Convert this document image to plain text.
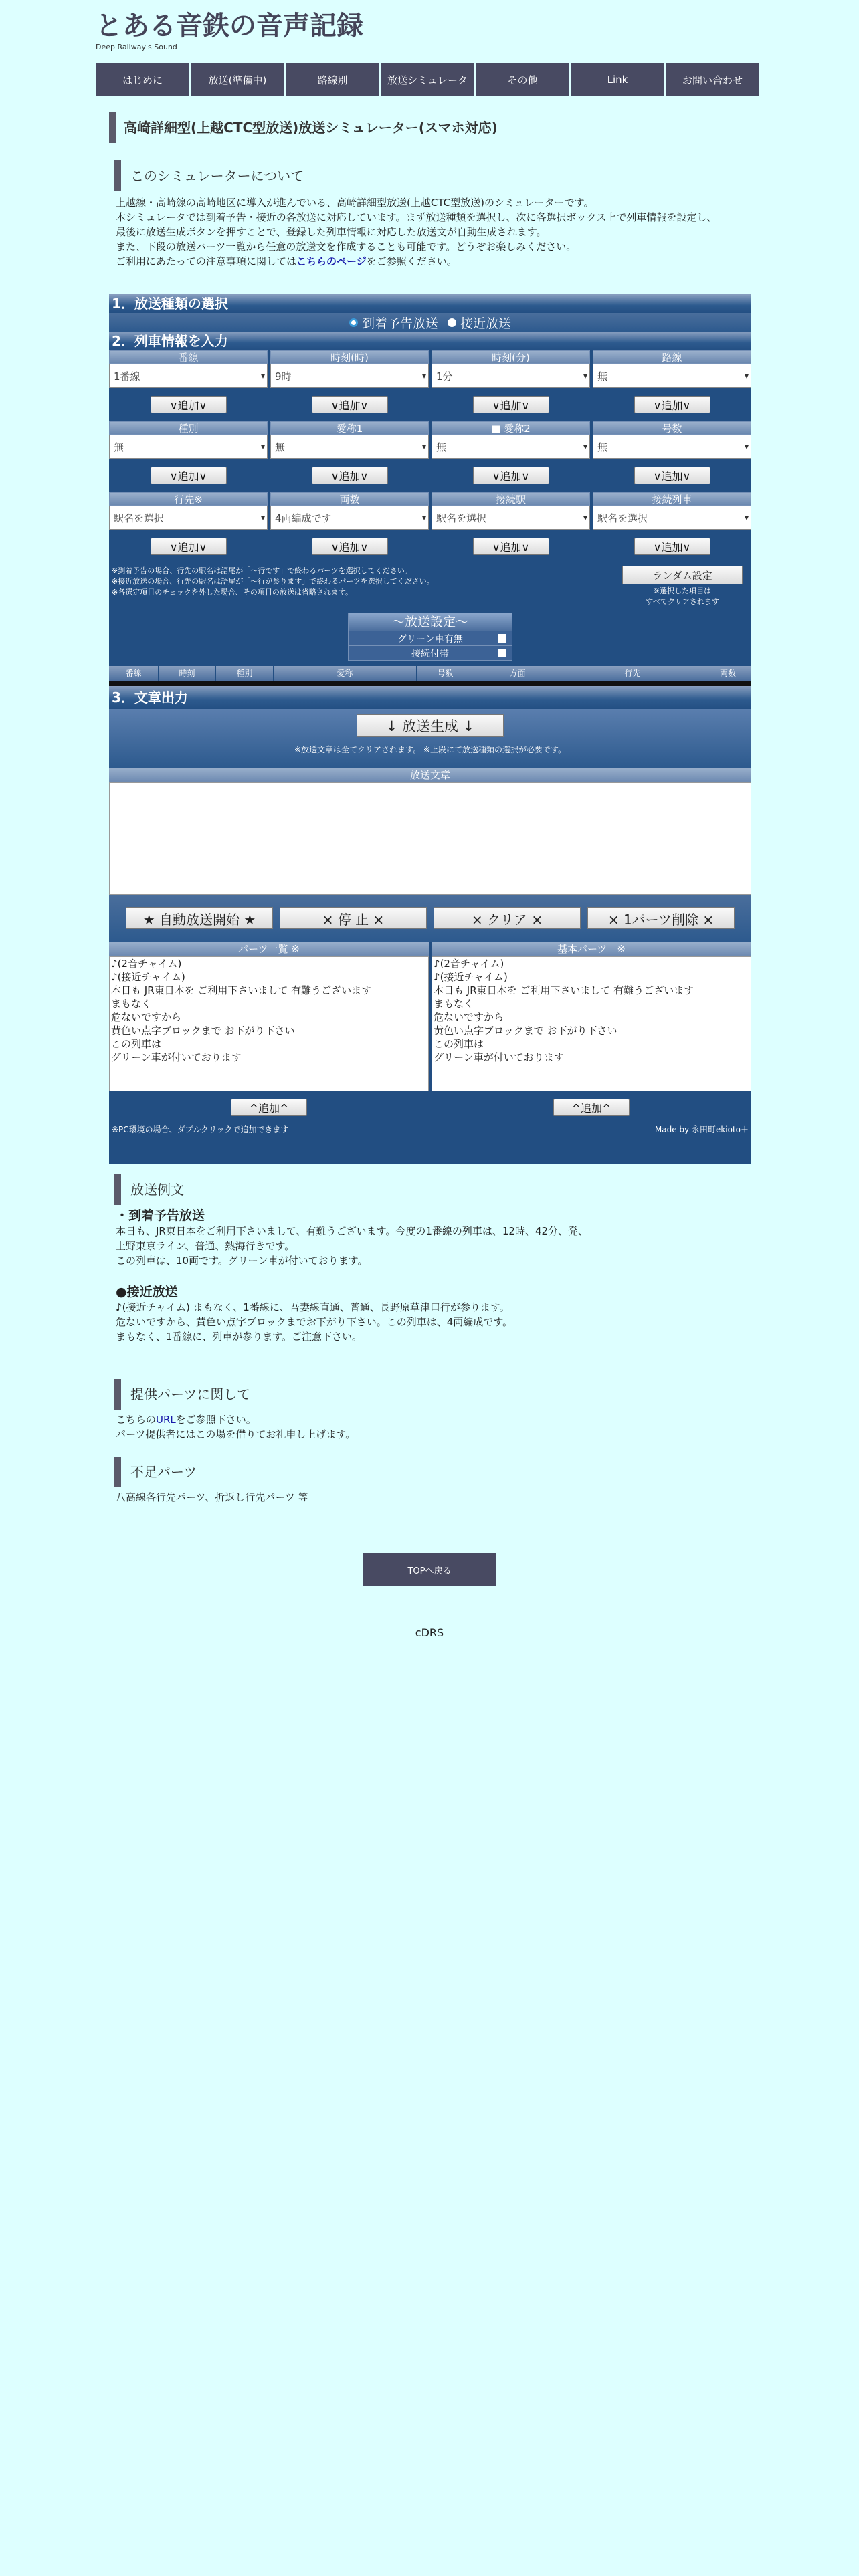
とある音鉄の音声記録
Deep Railway's Sound
はじめに	放送(準備中)	路線別	放送シミュレータ	その他	Link	お問い合わせ
高崎詳細型(上越CTC型放送)放送シミュレーター(スマホ対応)
このシミュレーターについて

上越線・高崎線の高崎地区に導入が進んでいる、高崎詳細型放送(上越CTC型放送)のシミュレーターです。

本シミュレータでは到着予告・接近の各放送に対応しています。まず放送種類を選択し、次に各選択ボックス上で列車情報を設定し、

最後に放送生成ボタンを押すことで、登録した列車情報に対応した放送文が自動生成されます。

また、下段の放送パーツ一覧から任意の放送文を作成することも可能です。どうぞお楽しみください。

ご利用にあたっての注意事項に関してはこちらのページをご参照ください。

1．放送種類の選択
到着予告放送 接近放送
2．列車情報を入力
番線	時刻(時)	時刻(分)	路線
1番線 ▾	9時 ▾	1分 ▾	無 ▾
∨追加∨	∨追加∨	∨追加∨	∨追加∨
種別	愛称1	■ 愛称2	号数
無 ▾	無 ▾	無 ▾	無 ▾
∨追加∨	∨追加∨	∨追加∨	∨追加∨
行先※	両数	接続駅	接続列車
駅名を選択 ▾	4両編成です ▾	駅名を選択 ▾	駅名を選択 ▾
∨追加∨	∨追加∨	∨追加∨	∨追加∨
※到着予告の場合、行先の駅名は語尾が「〜行です」で終わるパーツを選択してください。
※接近放送の場合、行先の駅名は語尾が「〜行が参ります」で終わるパーツを選択してください。
※各選定項目のチェックを外した場合、その項目の放送は省略されます。
ランダム設定
※選択した項目は
すべてクリアされます
〜放送設定〜
グリーン車有無
接続付帯
番線	時刻	種別	愛称	号数	方面	行先	両数
3．文章出力
↓ 放送生成 ↓
※放送文章は全てクリアされます。 ※上段にて放送種類の選択が必要です。
放送文章
★ 自動放送開始 ★	× 停 止 ×	× クリア ×	× 1パーツ削除 ×
パーツ一覧 ※	基本パーツ　※
♪(2音チャイム)
♪(接近チャイム)
本日も JR東日本を ご利用下さいまして 有難うございます
まもなく
危ないですから
黄色い点字ブロックまで お下がり下さい
この列車は
グリーン車が付いております
♪(2音チャイム)
♪(接近チャイム)
本日も JR東日本を ご利用下さいまして 有難うございます
まもなく
危ないですから
黄色い点字ブロックまで お下がり下さい
この列車は
グリーン車が付いております
^追加^	^追加^
※PC環境の場合、ダブルクリックで追加できます	Made by 永田町ekioto＋
放送例文
・到着予告放送
本日も、JR東日本をご利用下さいまして、有難うございます。今度の1番線の列車は、12時、42分、発、
上野東京ライン、普通、熱海行きです。
この列車は、10両です。グリーン車が付いております。
●接近放送
♪(接近チャイム) まもなく、1番線に、吾妻線直通、普通、長野原草津口行が参ります。
危ないですから、黄色い点字ブロックまでお下がり下さい。この列車は、4両編成です。
まもなく、1番線に、列車が参ります。ご注意下さい。
提供パーツに関して
こちらのURLをご参照下さい。
パーツ提供者にはこの場を借りてお礼申し上げます。
不足パーツ
八高線各行先パーツ、折返し行先パーツ 等
TOPへ戻る
cDRS
